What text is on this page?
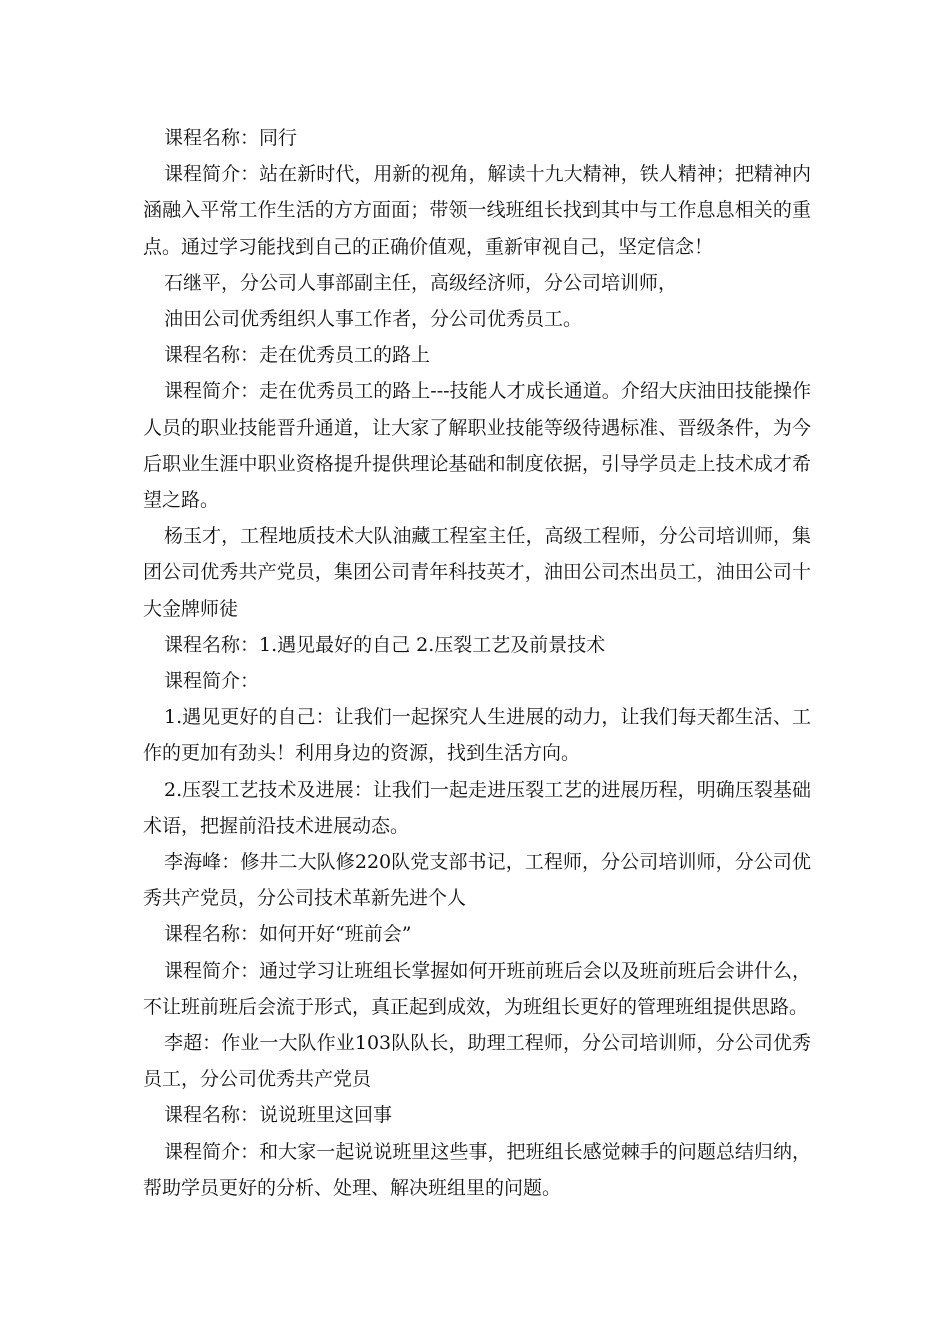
课程名称：同行

课程简介：站在新时代，用新的视角，解读十九大精神，铁人精神；把精神内涵融入平常工作生活的方方面面；带领一线班组长找到其中与工作息息相关的重点。通过学习能找到自己的正确价值观，重新审视自己，坚定信念！

石继平，分公司人事部副主任，高级经济师，分公司培训师，

油田公司优秀组织人事工作者，分公司优秀员工。

课程名称：走在优秀员工的路上

课程简介：走在优秀员工的路上---技能人才成长通道。介绍大庆油田技能操作人员的职业技能晋升通道，让大家了解职业技能等级待遇标准、晋级条件，为今后职业生涯中职业资格提升提供理论基础和制度依据，引导学员走上技术成才希望之路。

杨玉才，工程地质技术大队油藏工程室主任，高级工程师，分公司培训师，集团公司优秀共产党员，集团公司青年科技英才，油田公司杰出员工，油田公司十大金牌师徒

课程名称：1.遇见最好的自己 2.压裂工艺及前景技术

课程简介：

1.遇见更好的自己：让我们一起探究人生进展的动力，让我们每天都生活、工作的更加有劲头！利用身边的资源，找到生活方向。

2.压裂工艺技术及进展：让我们一起走进压裂工艺的进展历程，明确压裂基础术语，把握前沿技术进展动态。

李海峰：修井二大队修220队党支部书记，工程师，分公司培训师，分公司优秀共产党员，分公司技术革新先进个人

课程名称：如何开好“班前会”

课程简介：通过学习让班组长掌握如何开班前班后会以及班前班后会讲什么，不让班前班后会流于形式，真正起到成效，为班组长更好的管理班组提供思路。

李超：作业一大队作业103队队长，助理工程师，分公司培训师，分公司优秀员工，分公司优秀共产党员

课程名称：说说班里这回事

课程简介：和大家一起说说班里这些事，把班组长感觉棘手的问题总结归纳，帮助学员更好的分析、处理、解决班组里的问题。
